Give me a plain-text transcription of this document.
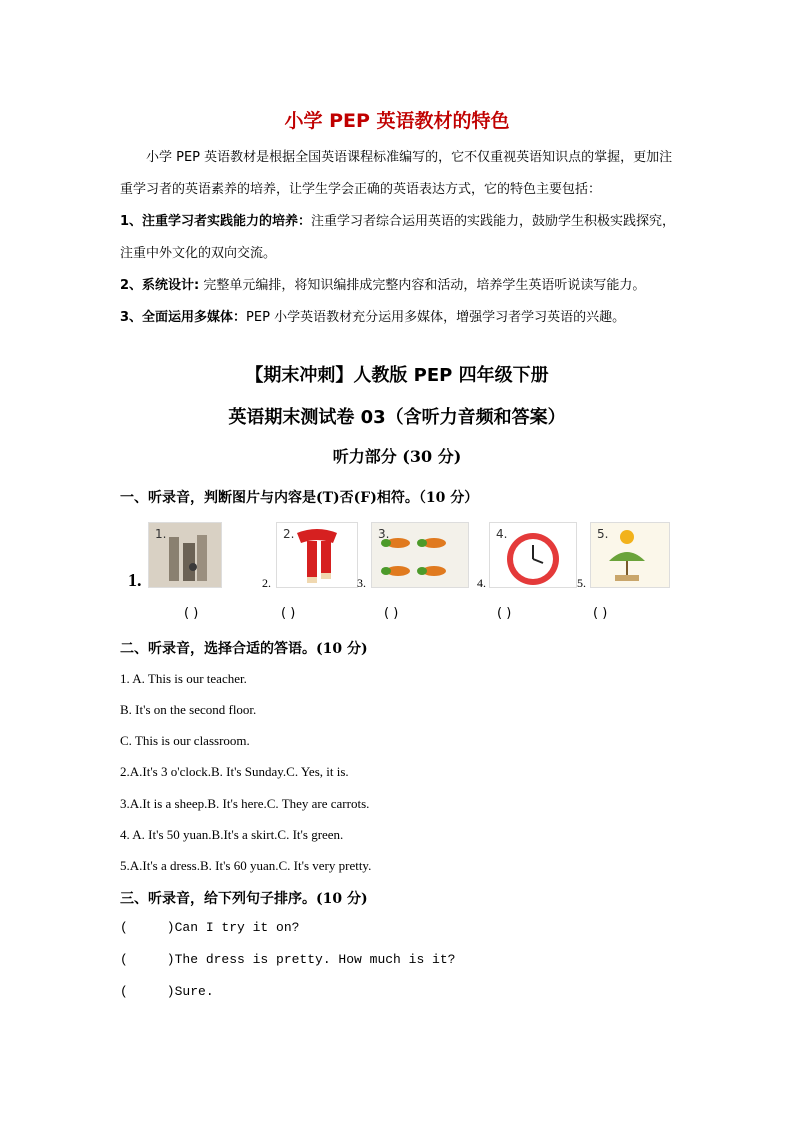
小学 PEP 英语教材的特色

小学 PEP 英语教材是根据全国英语课程标准编写的，它不仅重视英语知识点的掌握，更加注重学习者的英语素养的培养，让学生学会正确的英语表达方式，它的特色主要包括：

1、注重学习者实践能力的培养：注重学习者综合运用英语的实践能力，鼓励学生积极实践探究，注重中外文化的双向交流。

2、系统设计: 完整单元编排，将知识编排成完整内容和活动，培养学生英语听说读写能力。

3、全面运用多媒体：PEP 小学英语教材充分运用多媒体，增强学习者学习英语的兴趣。

【期末冲刺】人教版 PEP 四年级下册
英语期末测试卷 03（含听力音频和答案）
听力部分 (30 分)
一、听录音，判断图片与内容是(T)否(F)相符。（10 分）
1.
1.
2.
2.
3.
3.
4.
4.
5.
5.
( )	( )	( )	( )	( )
二、听录音，选择合适的答语。(10 分)
1. A. This is our teacher.
B. It's on the second floor.
C. This is our classroom.
2.A.It's 3 o'clock.B. It's Sunday.C. Yes, it is.
3.A.It is a sheep.B. It's here.C. They are carrots.
4. A. It's 50 yuan.B.It's a skirt.C. It's green.
5.A.It's a dress.B. It's 60 yuan.C. It's very pretty.
三、听录音，给下列句子排序。(10 分)
(     )Can I try it on?
(     )The dress is pretty. How much is it?
(     )Sure.
